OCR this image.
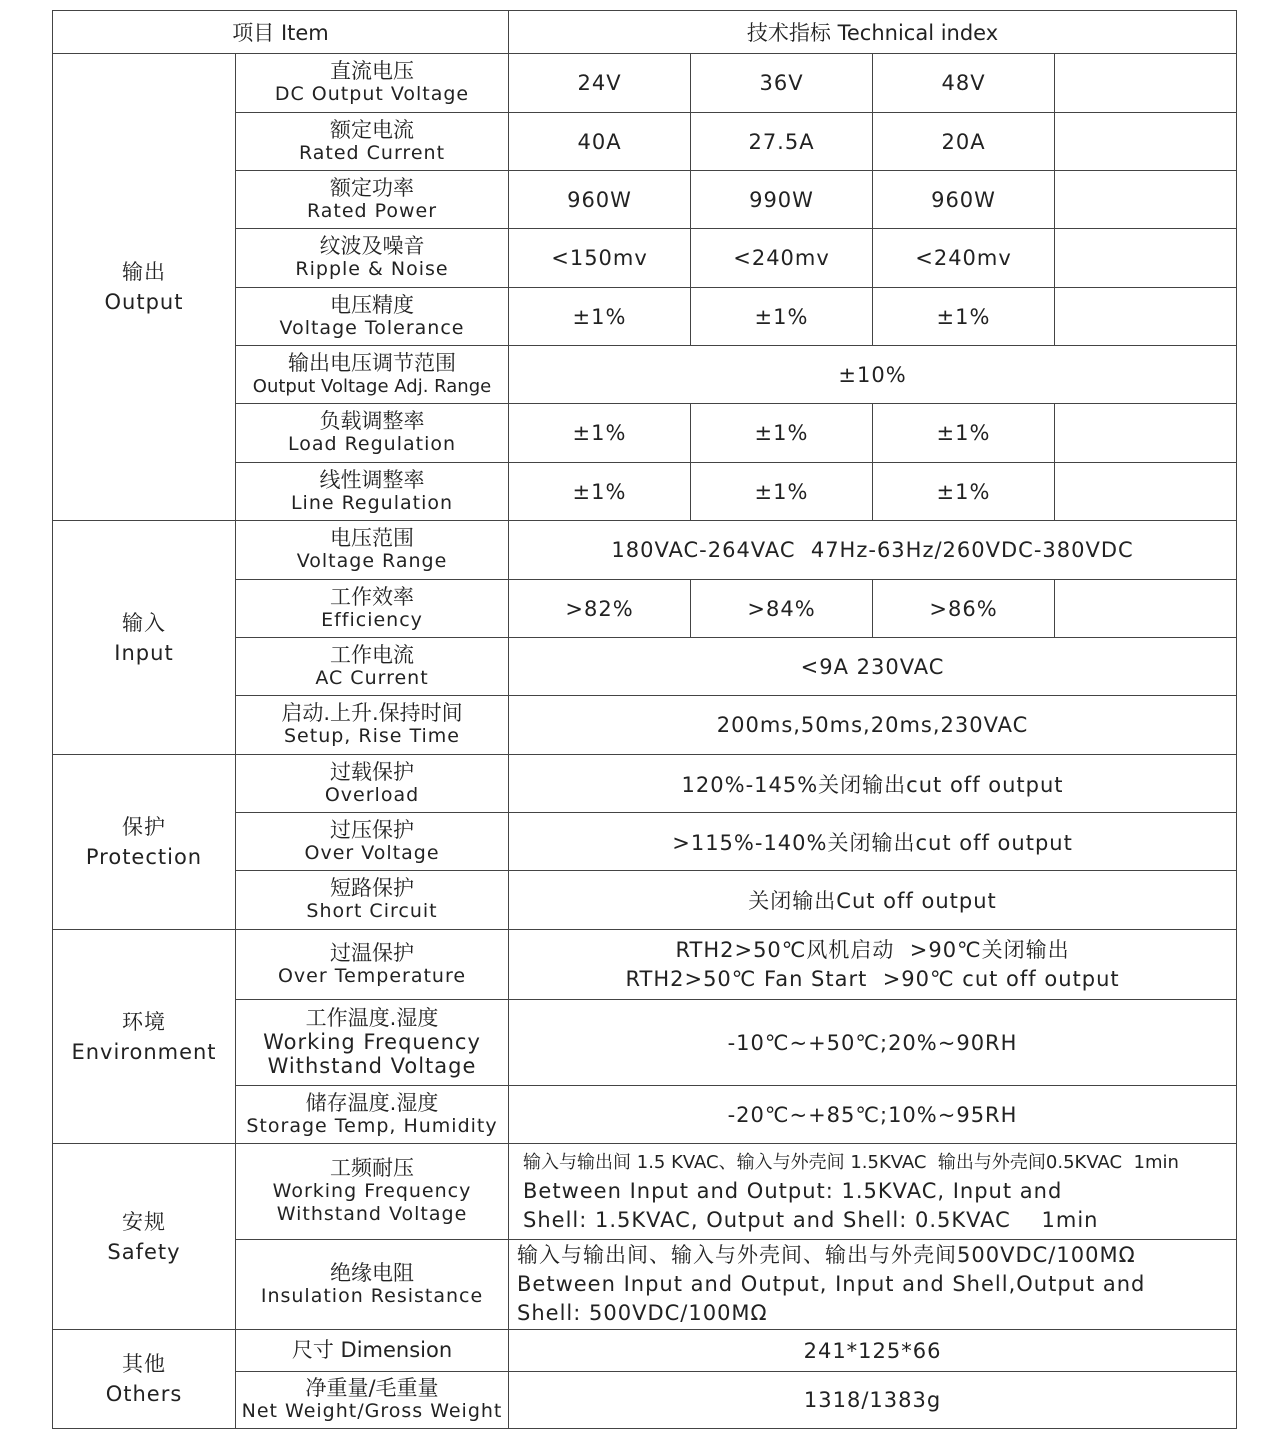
项目 Item		技术指标 Technical index			

输出
Output	直流电压
DC Output Voltage	24V	36V	48V	

	额定电流
Rated Current	40A	27.5A	20A	

	额定功率
Rated Power	960W	990W	960W	

	纹波及噪音
Ripple & Noise	<150mv	<240mv	<240mv	

	电压精度
Voltage Tolerance	±1%	±1%	±1%	

	输出电压调节范围
Output Voltage Adj. Range	±10%			

	负载调整率
Load Regulation	±1%	±1%	±1%	

	线性调整率
Line Regulation	±1%	±1%	±1%	

输入
Input	电压范围
Voltage Range	180VAC-264VAC  47Hz-63Hz/260VDC-380VDC			

	工作效率
Efficiency	>82%	>84%	>86%	

	工作电流
AC Current	<9A 230VAC			

	启动.上升.保持时间
Setup, Rise Time	200ms,50ms,20ms,230VAC			

保护
Protection	过载保护
Overload	120%-145%关闭输出cut off output			

	过压保护
Over Voltage	>115%-140%关闭输出cut off output			

	短路保护
Short Circuit	关闭输出Cut off output			

环境
Environment	过温保护
Over Temperature	RTH2>50℃风机启动  >90℃关闭输出
RTH2>50℃ Fan Start  >90℃ cut off output			

	工作温度.湿度
Working Frequency
Withstand Voltage	-10℃~+50℃;20%~90RH			

	储存温度.湿度
Storage Temp, Humidity	-20℃~+85℃;10%~95RH			

安规
Safety	工频耐压
Working Frequency
Withstand Voltage	输入与输出间 1.5 KVAC、输入与外壳间 1.5KVAC  输出与外壳间0.5KVAC  1min
Between Input and Output: 1.5KVAC, Input and
Shell: 1.5KVAC, Output and Shell: 0.5KVAC    1min			

	绝缘电阻
Insulation Resistance	输入与输出间、输入与外壳间、输出与外壳间500VDC/100MΩ
Between Input and Output, Input and Shell,Output and
Shell: 500VDC/100MΩ			

其他
Others	尺寸 Dimension	241*125*66			

	净重量/毛重量
Net Weight/Gross Weight	1318/1383g			
